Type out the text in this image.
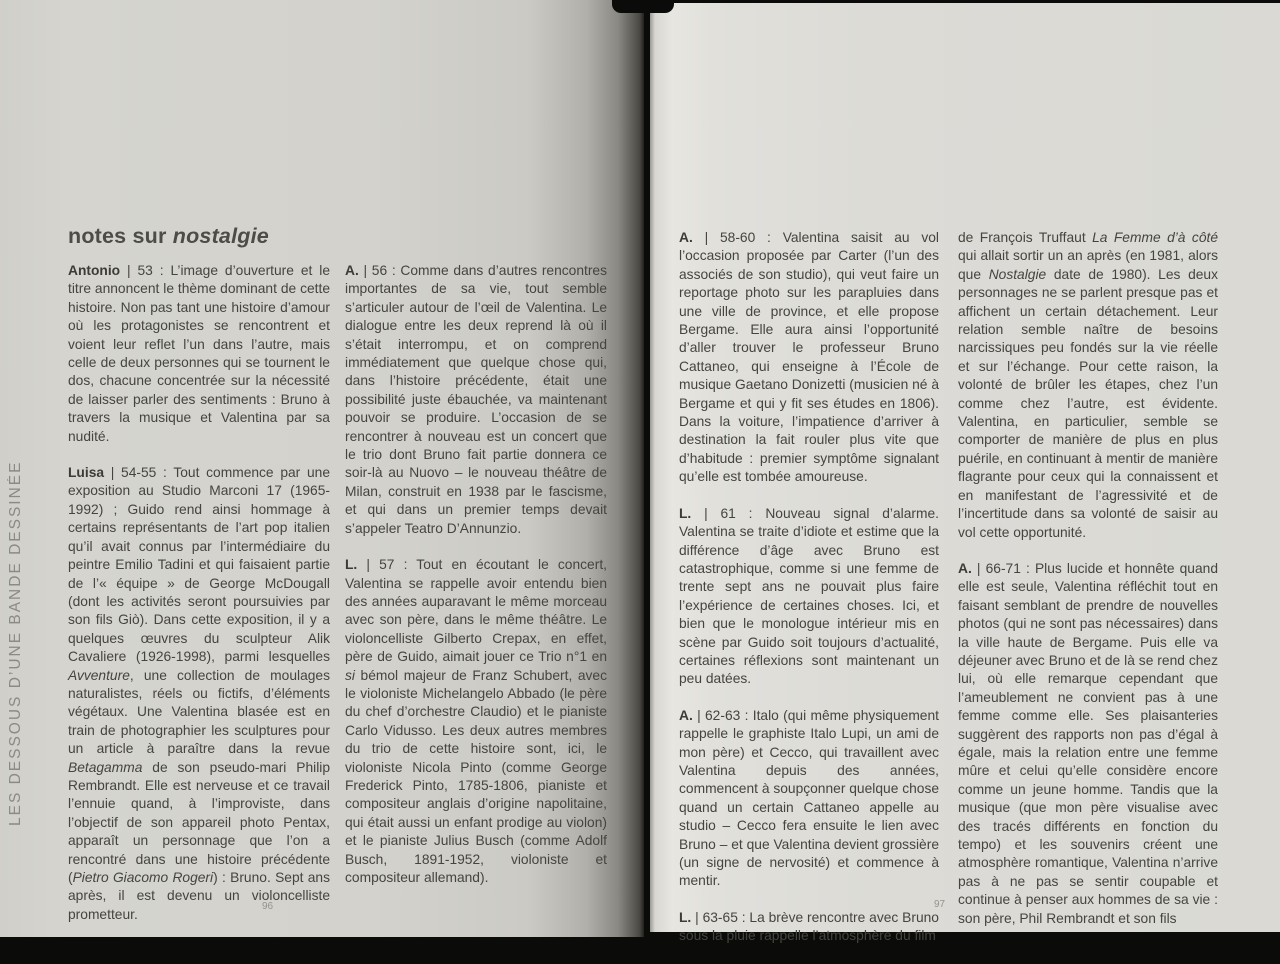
LES DESSOUS D’UNE BANDE DESSINÉE
notes sur nostalgie

Antonio | 53 : L’image d’ouverture et le titre annoncent le thème dominant de cette histoire. Non pas tant une histoire d’amour où les protagonistes se rencontrent et voient leur reflet l’un dans l’autre, mais celle de deux personnes qui se tournent le dos, chacune concentrée sur la nécessité de laisser parler des sentiments : Bruno à travers la musique et Valentina par sa nudité.

Luisa | 54-55 : Tout commence par une exposition au Studio Marconi 17 (1965-1992) ; Guido rend ainsi hommage à certains représentants de l’art pop italien qu’il avait connus par l’intermédiaire du peintre Emilio Tadini et qui faisaient partie de l’« équipe » de George McDougall (dont les activités seront poursuivies par son fils Giò). Dans cette exposition, il y a quelques œuvres du sculpteur Alik Cavaliere (1926-1998), parmi lesquelles Avventure, une collection de moulages naturalistes, réels ou fictifs, d’éléments végétaux. Une Valentina blasée est en train de photographier les sculptures pour un article à paraître dans la revue Betagamma de son pseudo-mari Philip Rembrandt. Elle est nerveuse et ce travail l’ennuie quand, à l’improviste, dans l’objectif de son appareil photo Pentax, apparaît un personnage que l’on a rencontré dans une histoire précédente (Pietro Giacomo Rogeri) : Bruno. Sept ans après, il est devenu un violoncelliste prometteur.

A. | 56 : Comme dans d’autres rencontres importantes de sa vie, tout semble s’articuler autour de l’œil de Valentina. Le dialogue entre les deux reprend là où il s’était interrompu, et on comprend immédiatement que quelque chose qui, dans l’histoire précédente, était une possibilité juste ébauchée, va maintenant pouvoir se produire. L’occasion de se rencontrer à nouveau est un concert que le trio dont Bruno fait partie donnera ce soir-là au Nuovo – le nouveau théâtre de Milan, construit en 1938 par le fascisme, et qui dans un premier temps devait s’appeler Teatro D’Annunzio.

L. | 57 : Tout en écoutant le concert, Valentina se rappelle avoir entendu bien des années auparavant le même morceau avec son père, dans le même théâtre. Le violoncelliste Gilberto Crepax, en effet, père de Guido, aimait jouer ce Trio n°1 en si bémol majeur de Franz Schubert, avec le violoniste Michelangelo Abbado (le père du chef d’orchestre Claudio) et le pianiste Carlo Vidusso. Les deux autres membres du trio de cette histoire sont, ici, le violoniste Nicola Pinto (comme George Frederick Pinto, 1785-1806, pianiste et compositeur anglais d’origine napolitaine, qui était aussi un enfant prodige au violon) et le pianiste Julius Busch (comme Adolf Busch, 1891-1952, violoniste et compositeur allemand).

96

A. | 58-60 : Valentina saisit au vol l’occasion proposée par Carter (l’un des associés de son studio), qui veut faire un reportage photo sur les parapluies dans une ville de province, et elle propose Bergame. Elle aura ainsi l’opportunité d’aller trouver le professeur Bruno Cattaneo, qui enseigne à l’École de musique Gaetano Donizetti (musicien né à Bergame et qui y fit ses études en 1806). Dans la voiture, l’impatience d’arriver à destination la fait rouler plus vite que d’habitude : premier symptôme signalant qu’elle est tombée amoureuse.

L. | 61 : Nouveau signal d’alarme. Valentina se traite d’idiote et estime que la différence d’âge avec Bruno est catastrophique, comme si une femme de trente sept ans ne pouvait plus faire l’expérience de certaines choses. Ici, et bien que le monologue intérieur mis en scène par Guido soit toujours d’actualité, certaines réflexions sont maintenant un peu datées.

A. | 62-63 : Italo (qui même physiquement rappelle le graphiste Italo Lupi, un ami de mon père) et Cecco, qui travaillent avec Valentina depuis des années, commencent à soupçonner quelque chose quand un certain Cattaneo appelle au studio – Cecco fera ensuite le lien avec Bruno – et que Valentina devient grossière (un signe de nervosité) et commence à mentir.

L. | 63-65 : La brève rencontre avec Bruno sous la pluie rappelle l’atmosphère du film

de François Truffaut La Femme d’à côté qui allait sortir un an après (en 1981, alors que Nostalgie date de 1980). Les deux personnages ne se parlent presque pas et affichent un certain détachement. Leur relation semble naître de besoins narcissiques peu fondés sur la vie réelle et sur l’échange. Pour cette raison, la volonté de brûler les étapes, chez l’un comme chez l’autre, est évidente. Valentina, en particulier, semble se comporter de manière de plus en plus puérile, en continuant à mentir de manière flagrante pour ceux qui la connaissent et en manifestant de l’agressivité et de l’incertitude dans sa volonté de saisir au vol cette opportunité.

A. | 66-71 : Plus lucide et honnête quand elle est seule, Valentina réfléchit tout en faisant semblant de prendre de nouvelles photos (qui ne sont pas nécessaires) dans la ville haute de Bergame. Puis elle va déjeuner avec Bruno et de là se rend chez lui, où elle remarque cependant que l’ameublement ne convient pas à une femme comme elle. Ses plaisanteries suggèrent des rapports non pas d’égal à égale, mais la relation entre une femme mûre et celui qu’elle considère encore comme un jeune homme. Tandis que la musique (que mon père visualise avec des tracés différents en fonction du tempo) et les souvenirs créent une atmosphère romantique, Valentina n’arrive pas à ne pas se sentir coupable et continue à penser aux hommes de sa vie : son père, Phil Rembrandt et son fils

97
